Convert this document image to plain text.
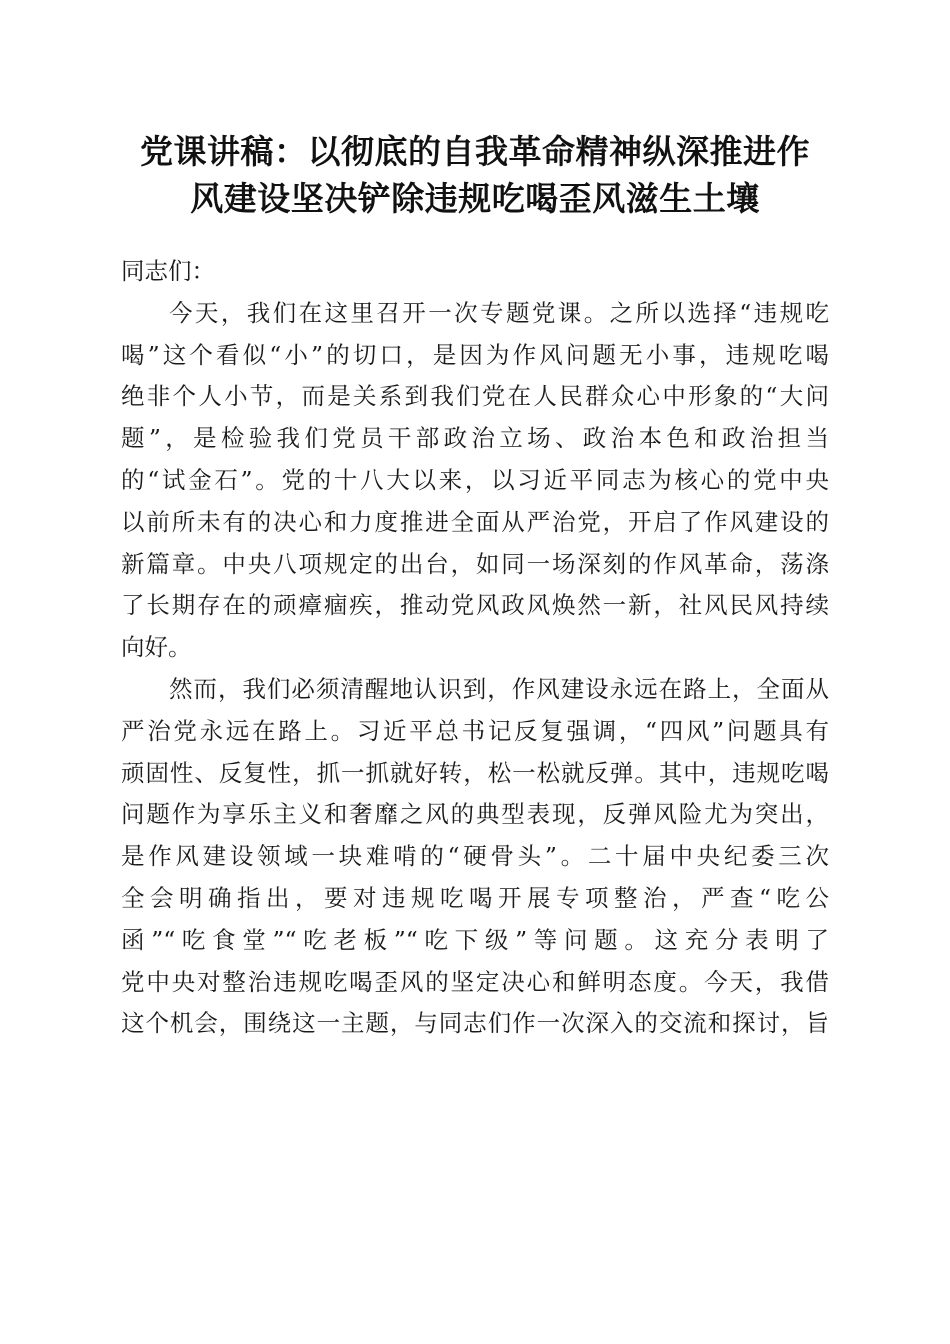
党课讲稿：以彻底的自我革命精神纵深推进作
风建设坚决铲除违规吃喝歪风滋生土壤
同志们：
今天，我们在这里召开一次专题党课。之所以选择“违规吃
喝”这个看似“小”的切口，是因为作风问题无小事，违规吃喝
绝非个人小节，而是关系到我们党在人民群众心中形象的“大问
题”，是检验我们党员干部政治立场、政治本色和政治担当
的“试金石”。党的十八大以来，以习近平同志为核心的党中央
以前所未有的决心和力度推进全面从严治党，开启了作风建设的
新篇章。中央八项规定的出台，如同一场深刻的作风革命，荡涤
了长期存在的顽瘴痼疾，推动党风政风焕然一新，社风民风持续
向好。
然而，我们必须清醒地认识到，作风建设永远在路上，全面从
严治党永远在路上。习近平总书记反复强调，“四风”问题具有
顽固性、反复性，抓一抓就好转，松一松就反弹。其中，违规吃喝
问题作为享乐主义和奢靡之风的典型表现，反弹风险尤为突出，
是作风建设领域一块难啃的“硬骨头”。二十届中央纪委三次
全会明确指出，要对违规吃喝开展专项整治，严查“吃公
函”“吃食堂”“吃老板”“吃下级”等问题。这充分表明了
党中央对整治违规吃喝歪风的坚定决心和鲜明态度。今天，我借
这个机会，围绕这一主题，与同志们作一次深入的交流和探讨，旨
